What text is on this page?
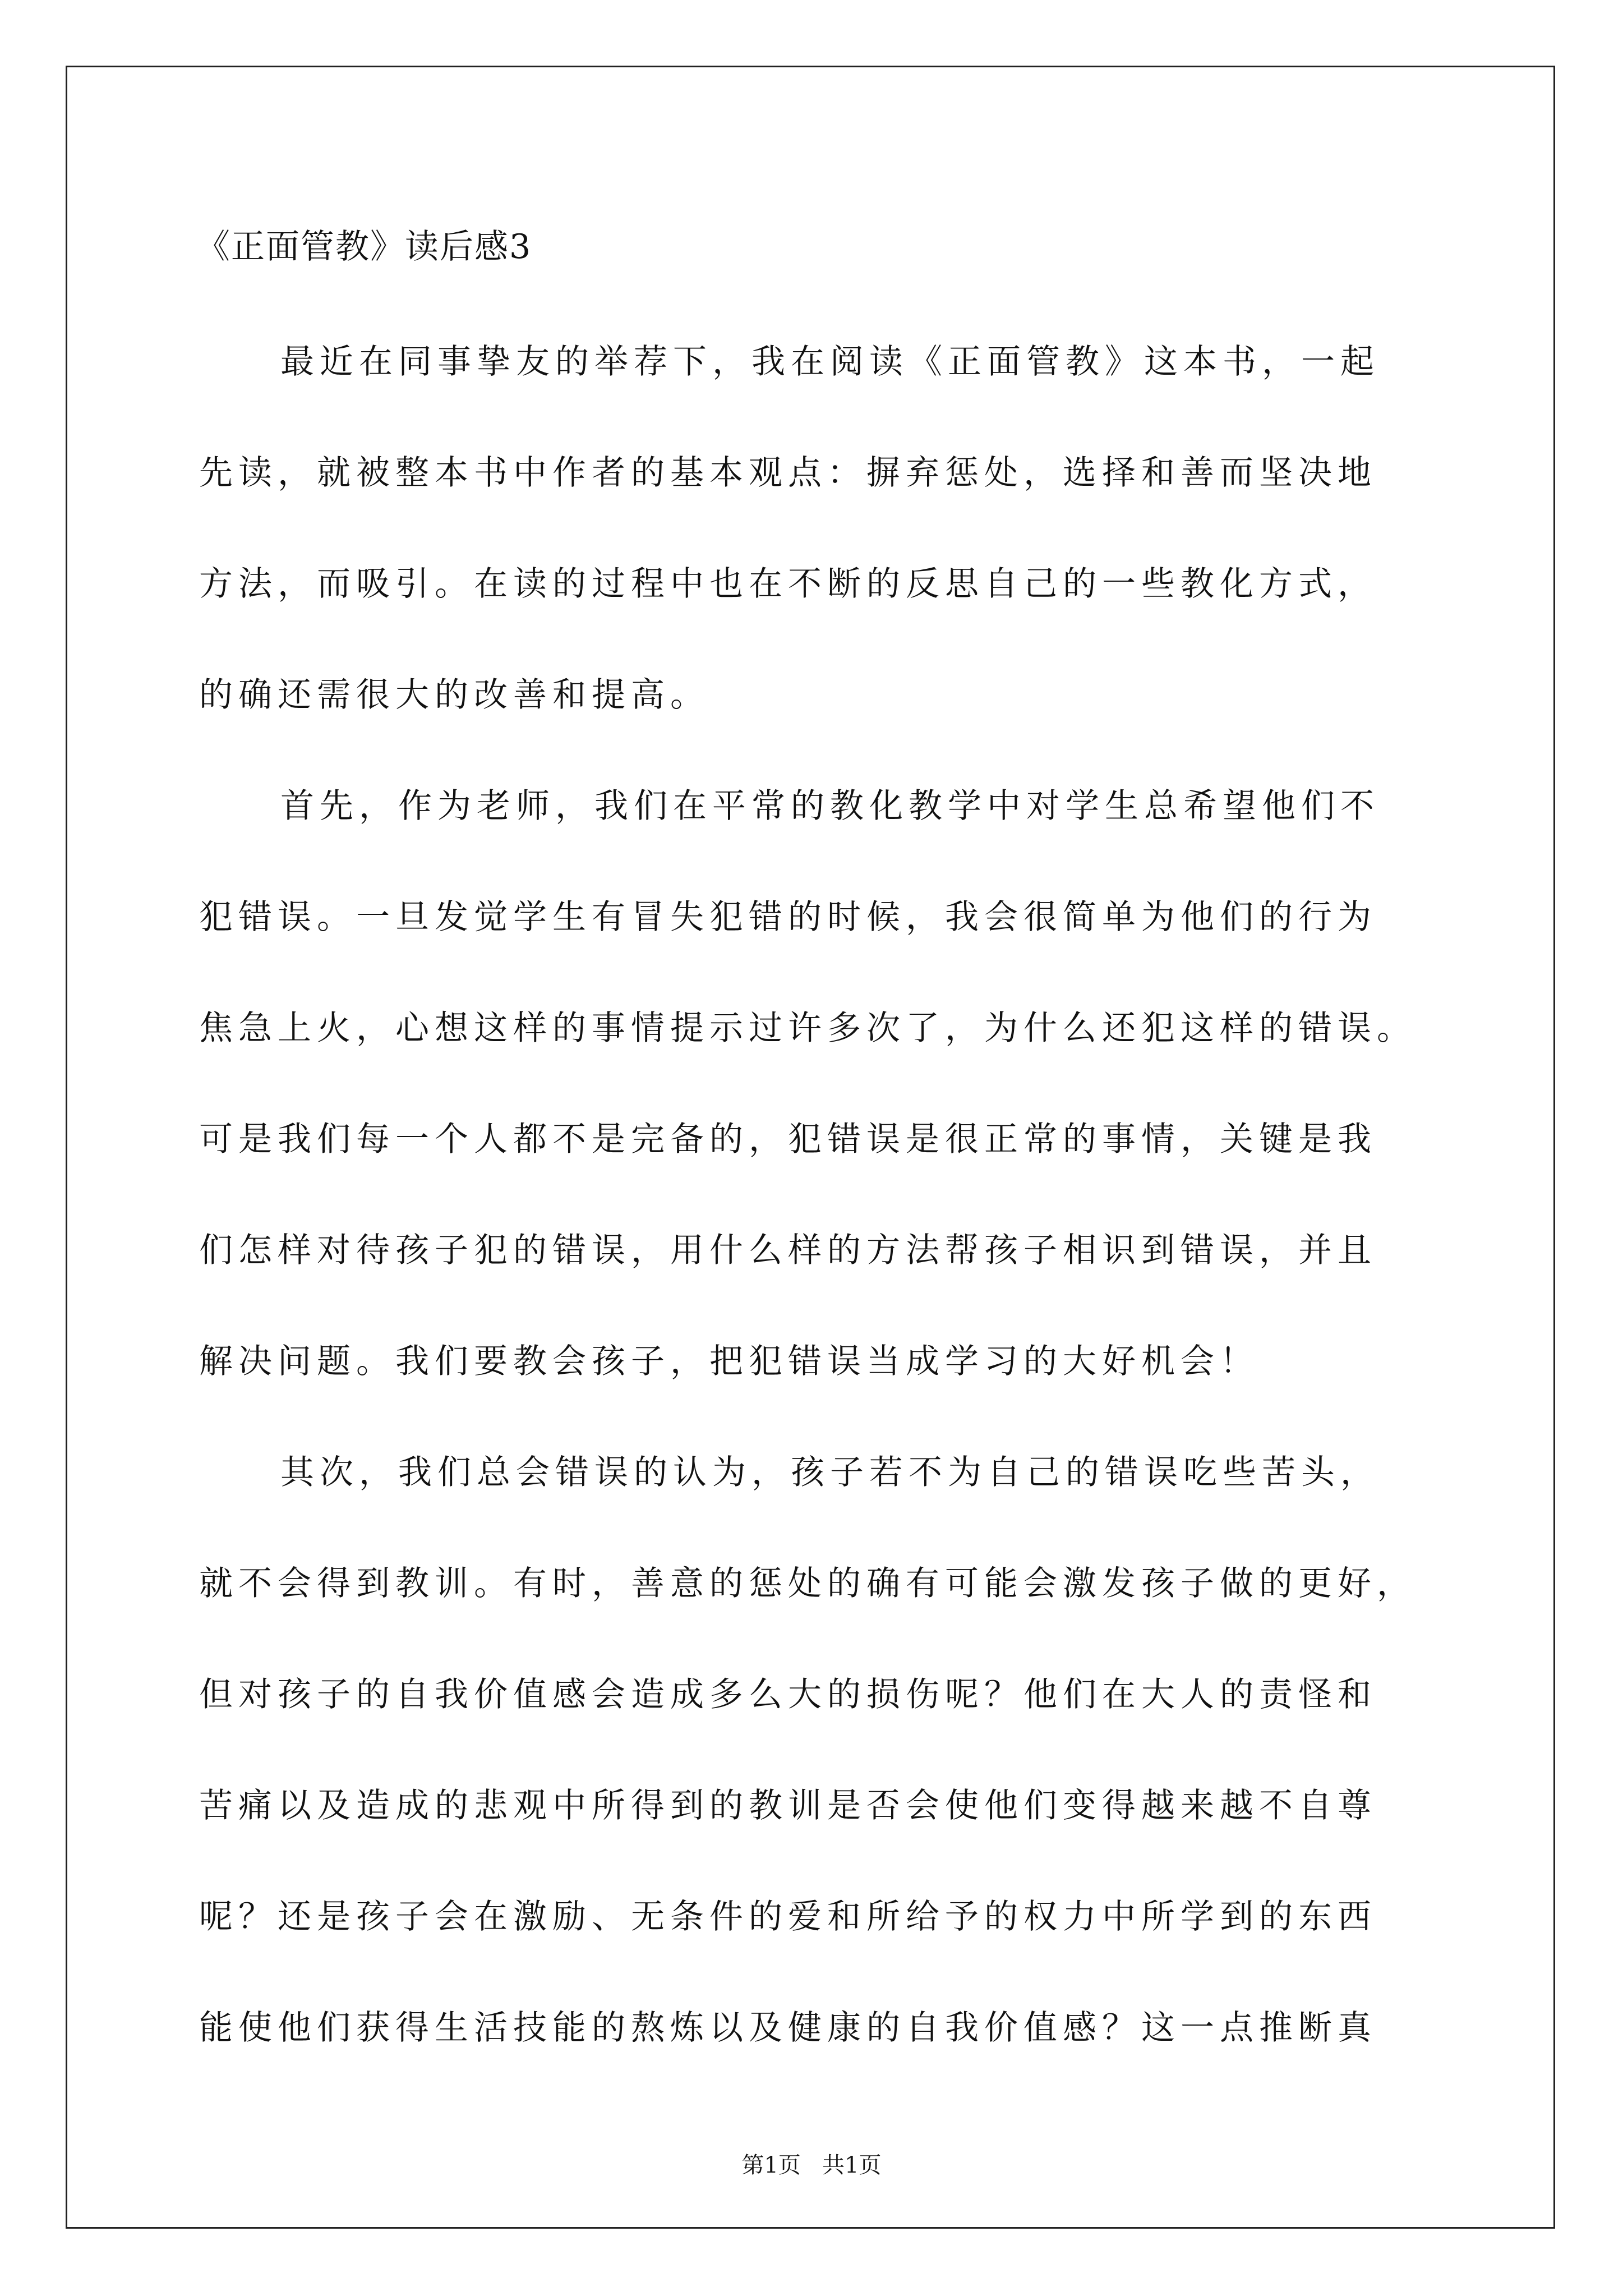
《正面管教》读后感3
最近在同事挚友的举荐下，我在阅读《正面管教》这本书，一起
先读，就被整本书中作者的基本观点：摒弃惩处，选择和善而坚决地
方法，而吸引。在读的过程中也在不断的反思自己的一些教化方式，
的确还需很大的改善和提高。
首先，作为老师，我们在平常的教化教学中对学生总希望他们不
犯错误。一旦发觉学生有冒失犯错的时候，我会很简单为他们的行为
焦急上火，心想这样的事情提示过许多次了，为什么还犯这样的错误。
可是我们每一个人都不是完备的，犯错误是很正常的事情，关键是我
们怎样对待孩子犯的错误，用什么样的方法帮孩子相识到错误，并且
解决问题。我们要教会孩子，把犯错误当成学习的大好机会！
其次，我们总会错误的认为，孩子若不为自己的错误吃些苦头，
就不会得到教训。有时，善意的惩处的确有可能会激发孩子做的更好，
但对孩子的自我价值感会造成多么大的损伤呢？他们在大人的责怪和
苦痛以及造成的悲观中所得到的教训是否会使他们变得越来越不自尊
呢？还是孩子会在激励、无条件的爱和所给予的权力中所学到的东西
能使他们获得生活技能的熬炼以及健康的自我价值感？这一点推断真
第1页   共1页
